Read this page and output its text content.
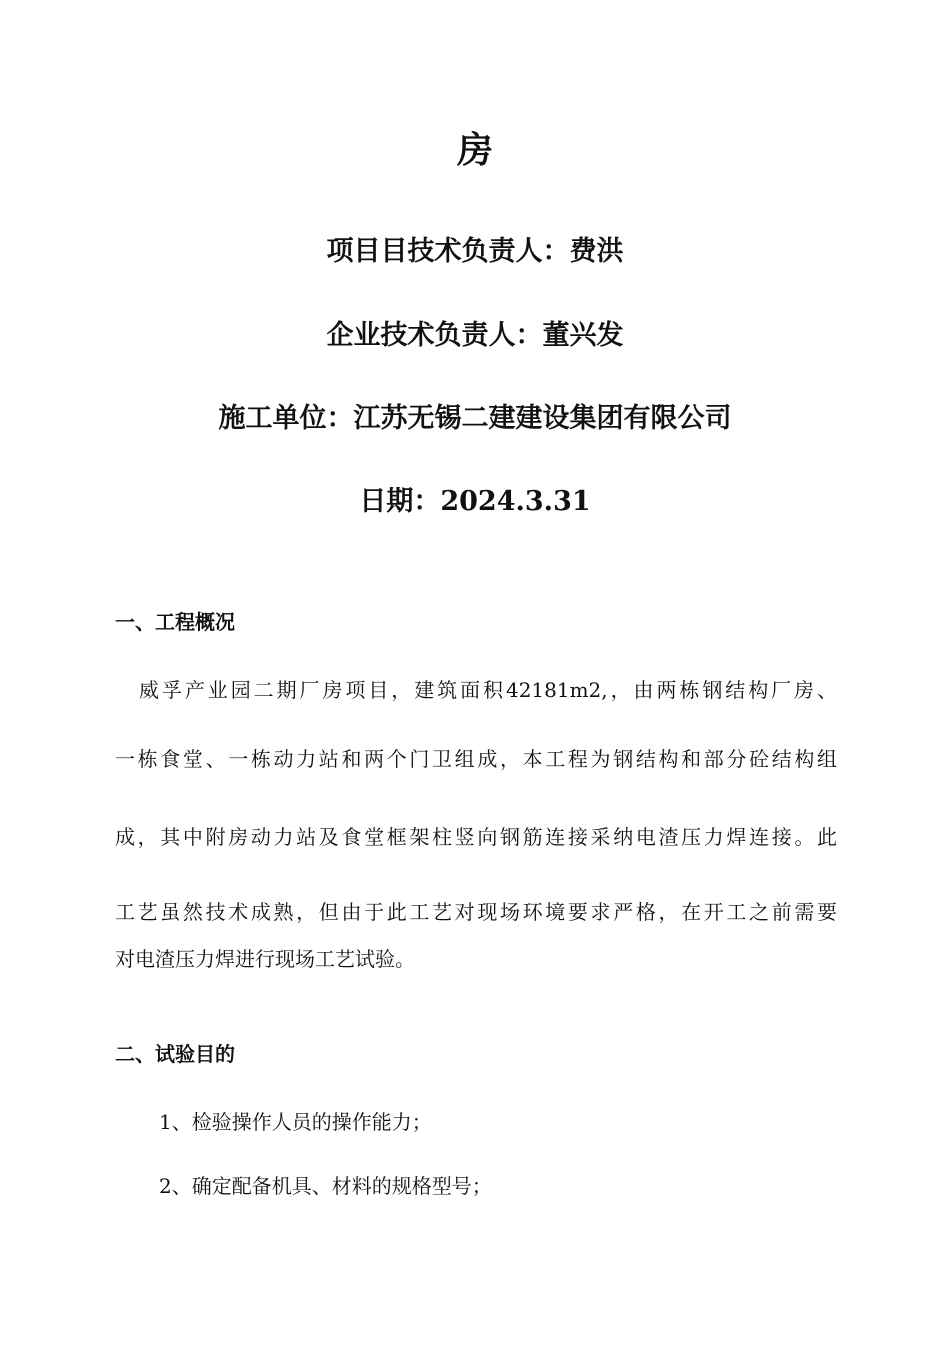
房
项目目技术负责人：费洪
企业技术负责人：董兴发
施工单位：江苏无锡二建建设集团有限公司
日期：2024.3.31
一、工程概况
威孚产业园二期厂房项目，建筑面积42181m2,，由两栋钢结构厂房、
一栋食堂、一栋动力站和两个门卫组成，本工程为钢结构和部分砼结构组
成，其中附房动力站及食堂框架柱竖向钢筋连接采纳电渣压力焊连接。此
工艺虽然技术成熟，但由于此工艺对现场环境要求严格，在开工之前需要
对电渣压力焊进行现场工艺试验。
二、试验目的
1、检验操作人员的操作能力；
2、确定配备机具、材料的规格型号；
